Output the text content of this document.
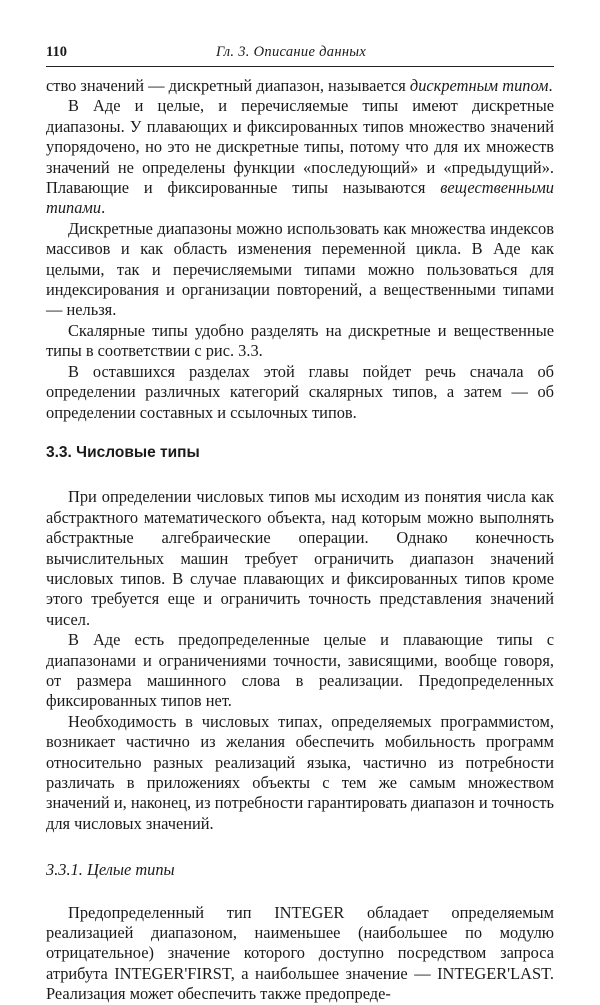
110	Гл. 3. Описание данных

ство значений — дискретный диапазон, называется дискретным типом.

В Аде и целые, и перечисляемые типы имеют дискретные диапазоны. У плавающих и фиксированных типов множество значений упорядочено, но это не дискретные типы, потому что для их множеств значений не определены функции «последующий» и «предыдущий». Плавающие и фиксированные типы называются вещественными типами.

Дискретные диапазоны можно использовать как множества индексов массивов и как область изменения переменной цикла. В Аде как целыми, так и перечисляемыми типами можно пользоваться для индексирования и организации повторений, а вещественными типами — нельзя.

Скалярные типы удобно разделять на дискретные и вещественные типы в соответствии с рис. 3.3.

В оставшихся разделах этой главы пойдет речь сначала об определении различных категорий скалярных типов, а затем — об определении составных и ссылочных типов.

3.3. Числовые типы

При определении числовых типов мы исходим из понятия числа как абстрактного математического объекта, над которым можно выполнять абстрактные алгебраические операции. Однако конечность вычислительных машин требует ограничить диапазон значений числовых типов. В случае плавающих и фиксированных типов кроме этого требуется еще и ограничить точность представления значений чисел.

В Аде есть предопределенные целые и плавающие типы с диапазонами и ограничениями точности, зависящими, вообще говоря, от размера машинного слова в реализации. Предопределенных фиксированных типов нет.

Необходимость в числовых типах, определяемых программистом, возникает частично из желания обеспечить мобильность программ относительно разных реализаций языка, частично из потребности различать в приложениях объекты с тем же самым множеством значений и, наконец, из потребности гарантировать диапазон и точность для числовых значений.

3.3.1. Целые типы

Предопределенный тип INTEGER обладает определяемым реализацией диапазоном, наименьшее (наибольшее по модулю отрицательное) значение которого доступно посредством запроса атрибута INTEGER'FIRST, а наибольшее значение — INTEGER'LAST. Реализация может обеспечить также предопреде-
